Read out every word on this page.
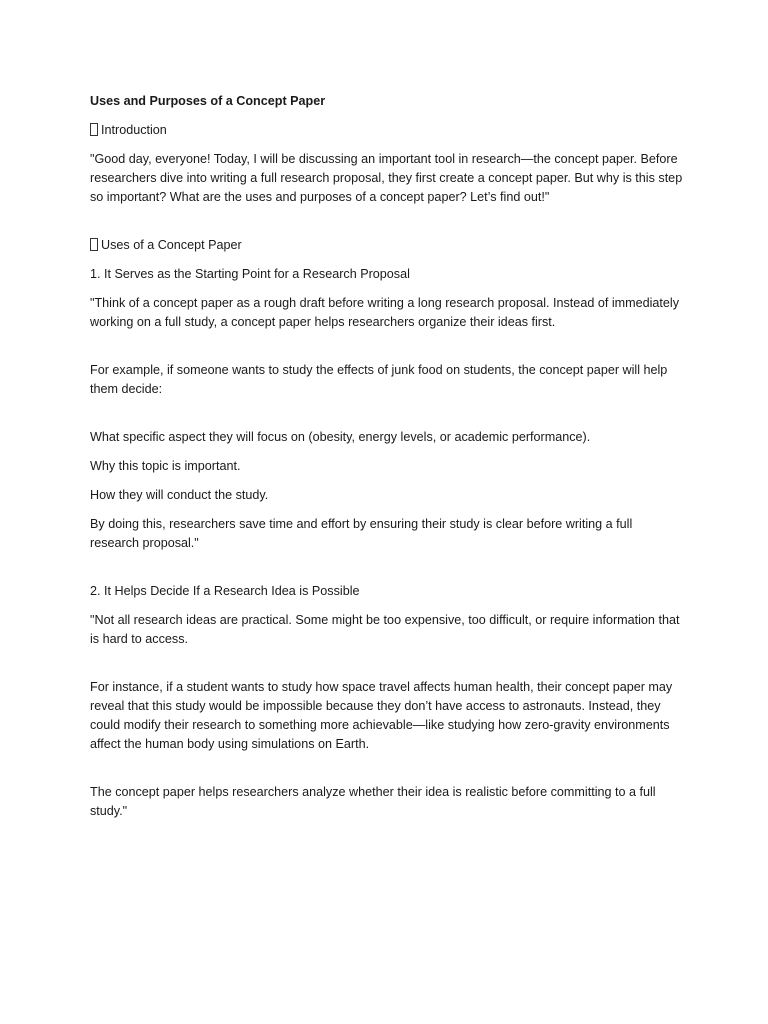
Uses and Purposes of a Concept Paper

Introduction

"Good day, everyone! Today, I will be discussing an important tool in research—the concept paper. Before researchers dive into writing a full research proposal, they first create a concept paper. But why is this step so important? What are the uses and purposes of a concept paper? Let’s find out!"

Uses of a Concept Paper

1. It Serves as the Starting Point for a Research Proposal

"Think of a concept paper as a rough draft before writing a long research proposal. Instead of immediately working on a full study, a concept paper helps researchers organize their ideas first.

For example, if someone wants to study the effects of junk food on students, the concept paper will help them decide:

What specific aspect they will focus on (obesity, energy levels, or academic performance).

Why this topic is important.

How they will conduct the study.

By doing this, researchers save time and effort by ensuring their study is clear before writing a full research proposal."

2. It Helps Decide If a Research Idea is Possible

"Not all research ideas are practical. Some might be too expensive, too difficult, or require information that is hard to access.

For instance, if a student wants to study how space travel affects human health, their concept paper may reveal that this study would be impossible because they don’t have access to astronauts. Instead, they could modify their research to something more achievable—like studying how zero-gravity environments affect the human body using simulations on Earth.

The concept paper helps researchers analyze whether their idea is realistic before committing to a full study."
